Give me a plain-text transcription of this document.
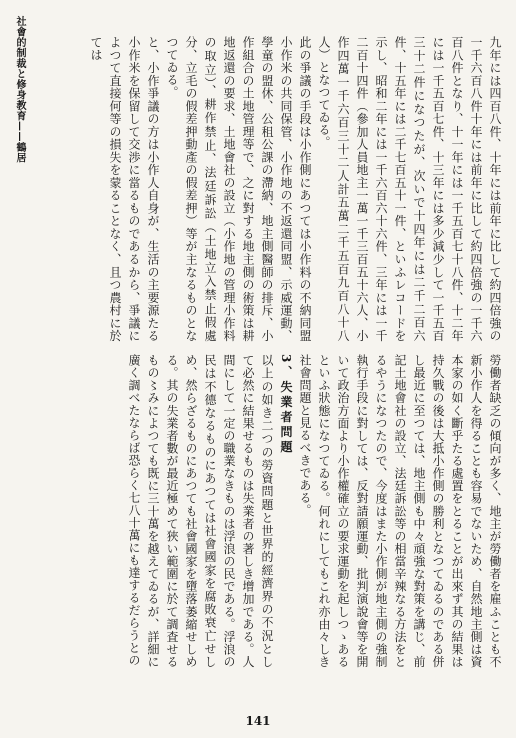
社會的制裁と修身教育——鶴居	九年には四百八件、十年には前年に比して約四倍強の一千六百八件十年には前年に比して約四倍強の一千六百八件となり、十一年には一千五百七十八件、十二年には一千五百七件、十三年には多少減少して一千五百三十二件になつたが、次いで十四年には二千二百六件、十五年には二千七百五十一件、といふレコードを示し、昭和二年には一千六百六十六件、三年には一千二百十四件（參加人員地主一萬一千三百五十六人、小作四萬一千六百三十二人計五萬二千五百九百八十八人）となつてゐる。

此の爭議の手段は小作側にあつては小作料の不納同盟小作米の共同保管、小作地の不返還同盟、示威運動、學童の盟休、公租公課の滯納、地主側醫師の排斥、小作組合の土地管理等で、之に對する地主側の術策は耕地返還の要求、土地會社の設立（小作地の管理小作料の取立）、耕作禁止、法廷訴訟（土地立入禁止假處分、立毛の假差押動產の假差押）等が主なるものとなつてゐる。

と、小作爭議の方は小作人自身が、生活の主要源たる小作米を保留して交渉に當るものであるから、爭議によつて直接何等の損失を蒙ることなく、且つ農村に於ては

勞働者缺乏の傾向が多く、地主が勞働者を雇ふことも不新小作人を得ることも容易でないため、自然地主側は資本家の如く斷乎たる處置をとることが出來ず其の結果は持久戰の後は大抵小作側の勝利となつてゐるのである併し最近に至つては、地主側も中々頑強な對策を講じ、前記土地會社の設立、法廷訴訟等の相當辛辣なる方法をとるやうになつたので、今度はまた小作側が地主側の強制執行手段に對しては、反對請願運動、批判演說會等を開いて政治方面より小作權確立の要求運動を起しつゝあるといふ狀態になつてゐる。何れにしてもこれ亦由々しき社會問題と見るべきである。

3、失業者問題

以上の如き二つの勞資問題と世界的經濟界の不況とし て必然に結果せるものは失業者の著しき增加である。人間にして一定の職業なきものは浮浪の民である。浮浪の民は不德なるものにあつては社會國家を腐敗衰亡せしめ、然らざるものにあつても社會國家を墮落萎縮せしめる。其の失業者數が最近極めて狹い範圍に於て調査せるもの〻みによつても既に三十萬を越えてゐるが、詳細に廣く調べたならば恐らく七八十萬にも達するだらうとの

141
